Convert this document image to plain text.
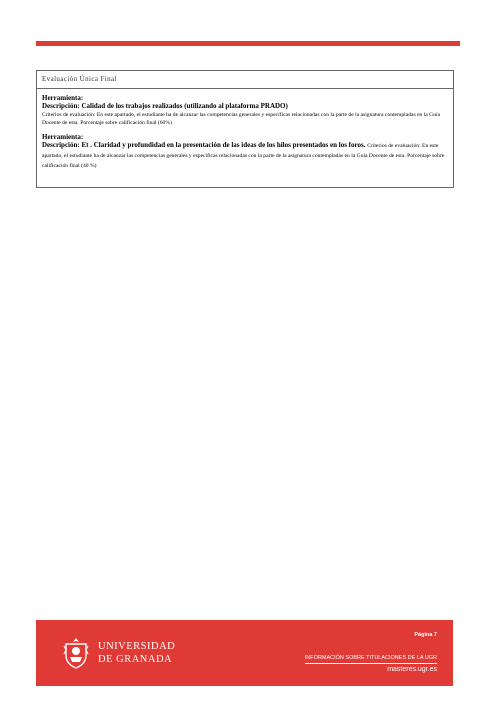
Evaluación Única Final
Herramienta:
Descripción: Calidad de los trabajos realizados (utilizando al plataforma PRADO)
Criterios de evaluación: En este apartado, el estudiante ha de alcanzar las competencias generales y específicas relacionadas con la parte de la asignatura contempladas en la Guía Docente de esta. Porcentaje sobre calificación final (60%)
Herramienta:
Descripción: Et . Claridad y profundidad en la presentación de las ideas de los hilos presentados en los foros. Criterios de evaluación: En este apartado, el estudiante ha de alcanzar las competencias generales y específicas relacionadas con la parte de la asignatura contempladas en la Guía Docente de esta. Porcentaje sobre calificación final (40 %)
UNIVERSIDAD
DE GRANADA
Página 7
INFORMACIÓN SOBRE TITULACIONES DE LA UGR
masteres.ugr.es
